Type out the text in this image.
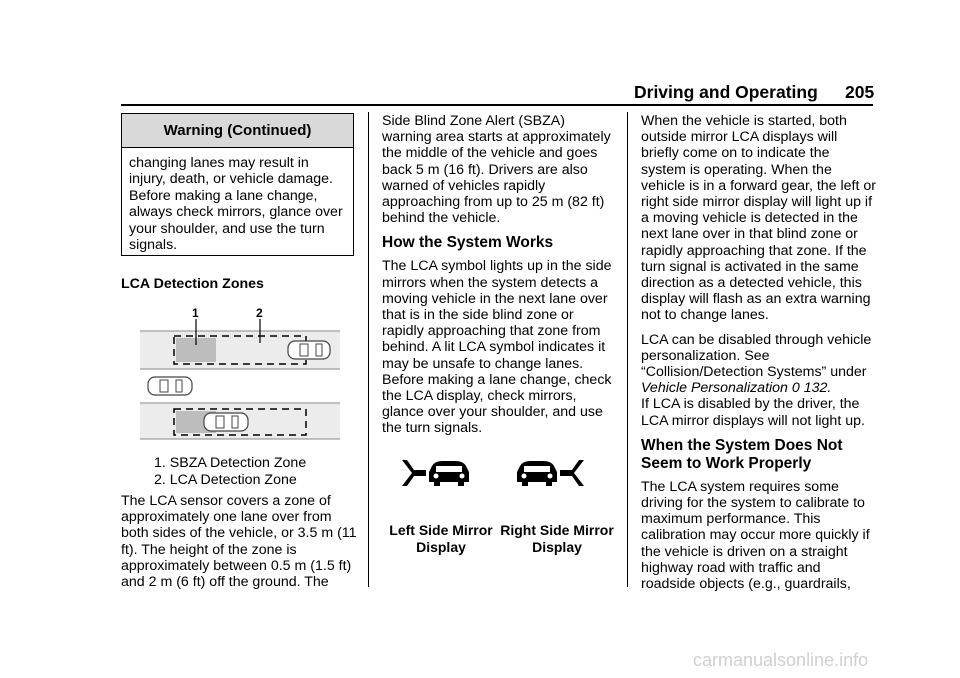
Driving and Operating 205
Warning (Continued)
changing lanes may result in injury, death, or vehicle damage. Before making a lane change, always check mirrors, glance over your shoulder, and use the turn signals.
LCA Detection Zones
1	2
1. SBZA Detection Zone
2. LCA Detection Zone
The LCA sensor covers a zone of approximately one lane over from both sides of the vehicle, or 3.5 m (11 ft). The height of the zone is approximately between 0.5 m (1.5 ft) and 2 m (6 ft) off the ground. The

Side Blind Zone Alert (SBZA) warning area starts at approximately the middle of the vehicle and goes back 5 m (16 ft). Drivers are also warned of vehicles rapidly approaching from up to 25 m (82 ft) behind the vehicle.

How the System Works

The LCA symbol lights up in the side mirrors when the system detects a moving vehicle in the next lane over that is in the side blind zone or rapidly approaching that zone from behind. A lit LCA symbol indicates it may be unsafe to change lanes. Before making a lane change, check the LCA display, check mirrors, glance over your shoulder, and use the turn signals.

Left Side Mirror
Display
Right Side Mirror
Display

When the vehicle is started, both outside mirror LCA displays will briefly come on to indicate the system is operating. When the vehicle is in a forward gear, the left or right side mirror display will light up if a moving vehicle is detected in the next lane over in that blind zone or rapidly approaching that zone. If the turn signal is activated in the same direction as a detected vehicle, this display will flash as an extra warning not to change lanes.

LCA can be disabled through vehicle personalization. See “Collision/Detection Systems” under Vehicle Personalization 0 132.
If LCA is disabled by the driver, the LCA mirror displays will not light up.

When the System Does Not Seem to Work Properly

The LCA system requires some driving for the system to calibrate to maximum performance. This calibration may occur more quickly if the vehicle is driven on a straight highway road with traffic and roadside objects (e.g., guardrails,

carmanualsonline.info
